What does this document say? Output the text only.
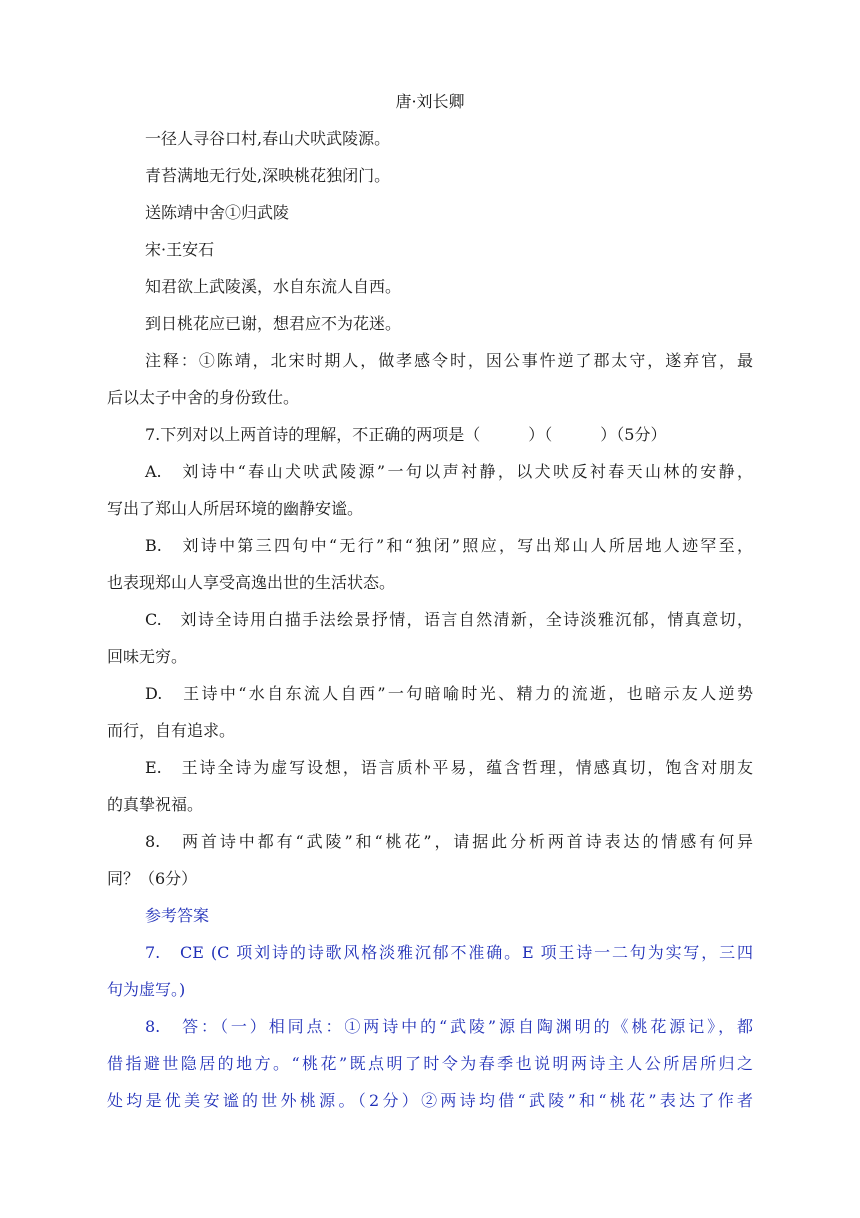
唐·刘长卿

一径人寻谷口村,春山犬吠武陵源。

青苔满地无行处,深映桃花独闭门。

送陈靖中舍①归武陵

宋·王安石

知君欲上武陵溪，水自东流人自西。

到日桃花应已谢，想君应不为花迷。

注释：①陈靖，北宋时期人，做孝感令时，因公事忤逆了郡太守，遂弃官，最
后以太子中舍的身份致仕。

7.下列对以上两首诗的理解，不正确的两项是（　　　）（　　　）（5分）

A.　刘诗中“春山犬吠武陵源”一句以声衬静，以犬吠反衬春天山林的安静，
写出了郑山人所居环境的幽静安谧。
B.　刘诗中第三四句中“无行”和“独闭”照应，写出郑山人所居地人迹罕至，
也表现郑山人享受高逸出世的生活状态。
C.　刘诗全诗用白描手法绘景抒情，语言自然清新，全诗淡雅沉郁，情真意切，
回味无穷。
D.　王诗中“水自东流人自西”一句暗喻时光、精力的流逝，也暗示友人逆势
而行，自有追求。
E.　王诗全诗为虚写设想，语言质朴平易，蕴含哲理，情感真切，饱含对朋友
的真挚祝福。
8.　两首诗中都有“武陵”和“桃花”，请据此分析两首诗表达的情感有何异
同？（6分）

参考答案

7.　CE (C 项刘诗的诗歌风格淡雅沉郁不准确。E 项王诗一二句为实写，三四
句为虚写。)
8.　答：（一）相同点：①两诗中的“武陵”源自陶渊明的《桃花源记》，都
借指避世隐居的地方。“桃花”既点明了时令为春季也说明两诗主人公所居所归之
处均是优美安谧的世外桃源。（2分）②两诗均借“武陵”和“桃花”表达了作者
